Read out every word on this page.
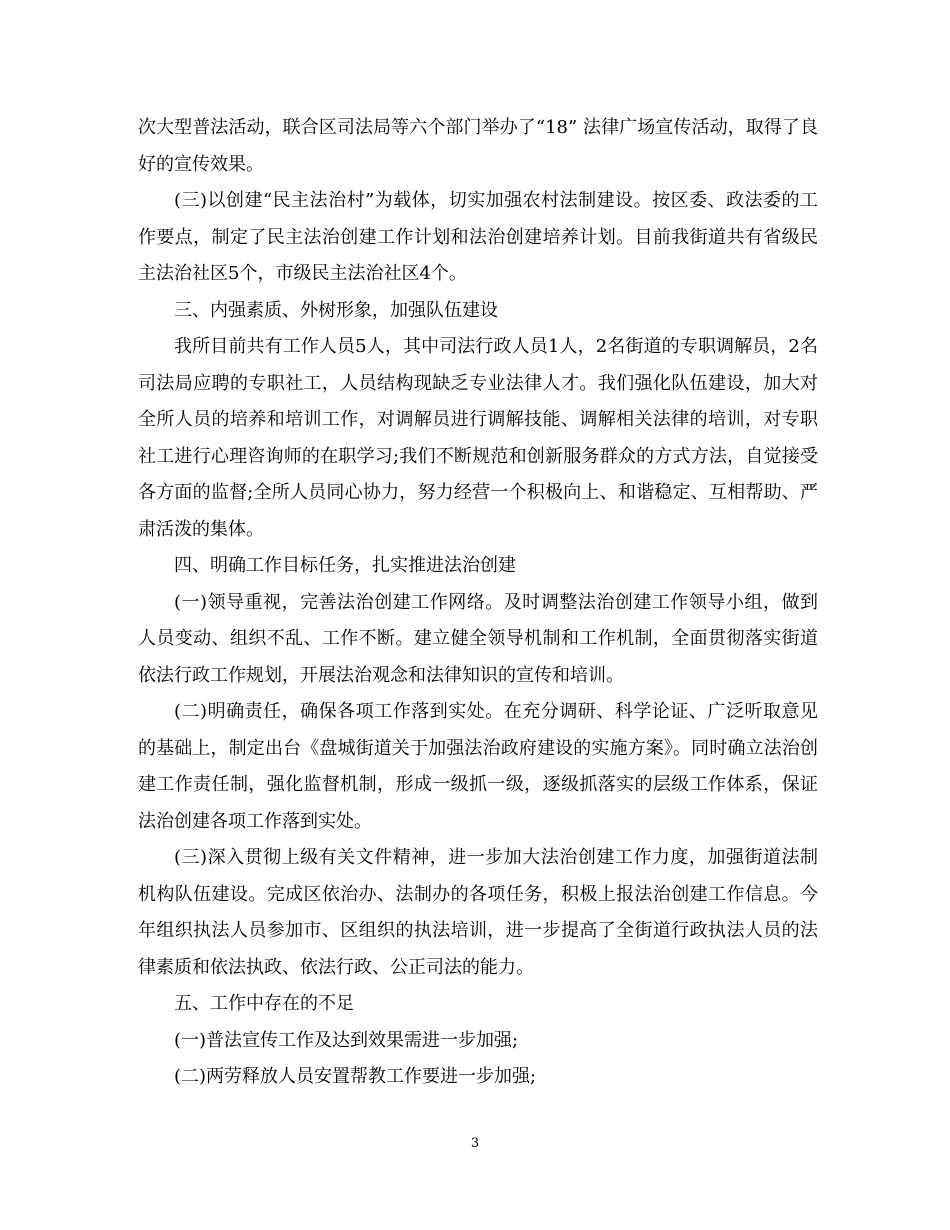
次大型普法活动，联合区司法局等六个部门举办了“18” 法律广场宣传活动，取得了良好的宣传效果。

(三)以创建“民主法治村”为载体，切实加强农村法制建设。按区委、政法委的工作要点，制定了民主法治创建工作计划和法治创建培养计划。目前我街道共有省级民主法治社区5个，市级民主法治社区4个。

三、内强素质、外树形象，加强队伍建设

我所目前共有工作人员5人，其中司法行政人员1人，2名街道的专职调解员，2名司法局应聘的专职社工，人员结构现缺乏专业法律人才。我们强化队伍建设，加大对全所人员的培养和培训工作，对调解员进行调解技能、调解相关法律的培训，对专职社工进行心理咨询师的在职学习;我们不断规范和创新服务群众的方式方法，自觉接受各方面的监督;全所人员同心协力，努力经营一个积极向上、和谐稳定、互相帮助、严肃活泼的集体。

四、明确工作目标任务，扎实推进法治创建

(一)领导重视，完善法治创建工作网络。及时调整法治创建工作领导小组，做到人员变动、组织不乱、工作不断。建立健全领导机制和工作机制，全面贯彻落实街道依法行政工作规划，开展法治观念和法律知识的宣传和培训。

(二)明确责任，确保各项工作落到实处。在充分调研、科学论证、广泛听取意见的基础上，制定出台《盘城街道关于加强法治政府建设的实施方案》。同时确立法治创建工作责任制，强化监督机制，形成一级抓一级，逐级抓落实的层级工作体系，保证法治创建各项工作落到实处。

(三)深入贯彻上级有关文件精神，进一步加大法治创建工作力度，加强街道法制机构队伍建设。完成区依治办、法制办的各项任务，积极上报法治创建工作信息。今年组织执法人员参加市、区组织的执法培训，进一步提高了全街道行政执法人员的法律素质和依法执政、依法行政、公正司法的能力。

五、工作中存在的不足

(一)普法宣传工作及达到效果需进一步加强;

(二)两劳释放人员安置帮教工作要进一步加强;

3
